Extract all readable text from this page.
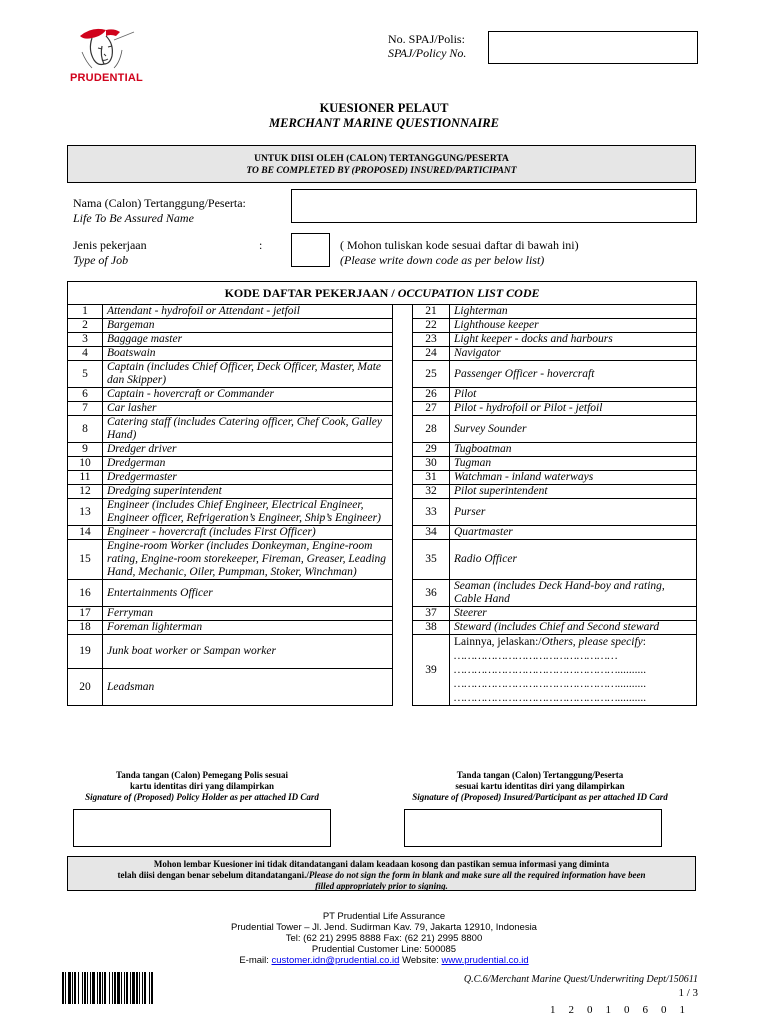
PRUDENTIAL
No. SPAJ/Polis:
SPAJ/Policy No.
KUESIONER PELAUT
MERCHANT MARINE QUESTIONNAIRE
UNTUK DIISI OLEH (CALON) TERTANGGUNG/PESERTA
TO BE COMPLETED BY (PROPOSED) INSURED/PARTICIPANT
Nama (Calon) Tertanggung/Peserta:
Life To Be Assured Name
Jenis pekerjaan
Type of Job
:	( Mohon tuliskan kode sesuai daftar di bawah ini)
(Please write down code as per below list)
KODE DAFTAR PEKERJAAN / OCCUPATION LIST CODE				
1	Attendant - hydrofoil or Attendant - jetfoil		21	Lighterman
2	Bargeman		22	Lighthouse keeper
3	Baggage master		23	Light keeper - docks and harbours
4	Boatswain		24	Navigator
5	Captain (includes Chief Officer, Deck Officer, Master, Mate dan Skipper)		25	Passenger Officer - hovercraft
6	Captain - hovercraft or Commander		26	Pilot
7	Car lasher		27	Pilot - hydrofoil or Pilot - jetfoil
8	Catering staff (includes Catering officer, Chef Cook, Galley Hand)		28	Survey Sounder
9	Dredger driver		29	Tugboatman
10	Dredgerman		30	Tugman
11	Dredgermaster		31	Watchman - inland waterways
12	Dredging superintendent		32	Pilot superintendent
13	Engineer (includes Chief Engineer, Electrical Engineer, Engineer officer, Refrigeration’s Engineer, Ship’s Engineer)		33	Purser
14	Engineer - hovercraft (includes First Officer)		34	Quartmaster
15	Engine-room Worker (includes Donkeyman, Engine-room rating, Engine-room storekeeper, Fireman, Greaser, Leading Hand, Mechanic, Oiler, Pumpman, Stoker, Winchman)		35	Radio Officer
16	Entertainments Officer		36	Seaman (includes Deck Hand-boy and rating, Cable Hand
17	Ferryman		37	Steerer
18	Foreman lighterman		38	Steward (includes Chief and Second steward
19	Junk boat worker or Sampan worker		39	Lainnya, jelaskan:/Others, please specify:
…………………………………………
…………………………………………..........
…………………………………………..........
…………………………………………..........

20	Leadsman			
Tanda tangan (Calon) Pemegang Polis sesuai
kartu identitas diri yang dilampirkan
Signature of (Proposed) Policy Holder as per attached ID Card
Tanda tangan (Calon) Tertanggung/Peserta
sesuai kartu identitas diri yang dilampirkan
Signature of (Proposed) Insured/Participant as per attached ID Card
Mohon lembar Kuesioner ini tidak ditandatangani dalam keadaan kosong dan pastikan semua informasi yang diminta
telah diisi dengan benar sebelum ditandatangani./Please do not sign the form in blank and make sure all the required information have been
filled appropriately prior to signing.
PT Prudential Life Assurance
Prudential Tower – Jl. Jend. Sudirman Kav. 79, Jakarta 12910, Indonesia
Tel: (62 21) 2995 8888 Fax: (62 21) 2995 8800
Prudential Customer Line: 500085
E-mail: customer.idn@prudential.co.id Website: www.prudential.co.id
Q.C.6/Merchant Marine Quest/Underwriting Dept/150611
1 / 3
12010601
